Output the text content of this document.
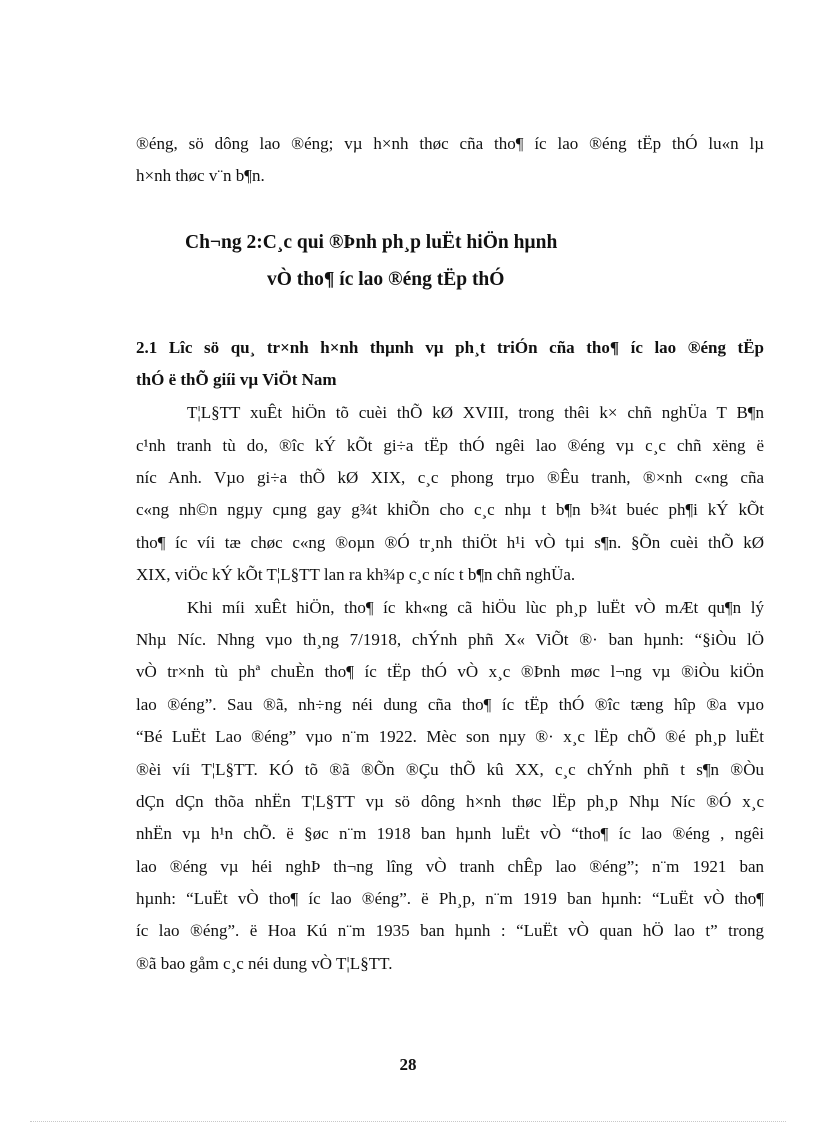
®éng, sö dông lao ®éng; vµ h×nh thøc cña tho¶ íc lao ®éng tËp thÓ lu«n lµ
h×nh thøc v¨n b¶n.
Ch¬ng 2:C¸c qui ®Þnh ph¸p luËt hiÖn hµnh
vÒ tho¶ íc lao ®éng tËp thÓ
2.1 Lîc sö qu¸ tr×nh h×nh thµnh vµ ph¸t triÓn cña tho¶ íc lao ®éng tËp
thÓ ë thÕ giíi vµ ViÖt Nam
T¦L§TT xuÊt hiÖn tõ cuèi thÕ kØ XVIII, trong thêi k× chñ nghÜa T B¶n
c¹nh tranh tù do, ®îc kÝ kÕt gi÷a tËp thÓ ngêi lao ®éng vµ c¸c chñ xëng ë
níc Anh. Vµo gi÷a thÕ kØ XIX, c¸c phong trµo ®Êu tranh, ®×nh c«ng cña
c«ng nh©n ngµy cµng gay g¾t khiÕn cho c¸c nhµ t b¶n b¾t buéc ph¶i kÝ kÕt
tho¶ íc víi tæ chøc c«ng ®oµn ®Ó tr¸nh thiÖt h¹i vÒ tµi s¶n. §Õn cuèi thÕ kØ
XIX, viÖc kÝ kÕt T¦L§TT lan ra kh¾p c¸c níc t b¶n chñ nghÜa.
Khi míi xuÊt hiÖn, tho¶ íc kh«ng cã hiÖu lùc ph¸p luËt vÒ mÆt qu¶n lý
Nhµ Níc. Nhng vµo th¸ng 7/1918, chÝnh phñ X« ViÕt ®· ban hµnh: “§iÒu lÖ
vÒ tr×nh tù phª chuÈn tho¶ íc tËp thÓ vÒ x¸c ®Þnh møc l¬ng vµ ®iÒu kiÖn
lao ®éng”. Sau ®ã, nh÷ng néi dung cña tho¶ íc tËp thÓ ®îc tæng hîp ®a vµo
“Bé LuËt Lao ®éng” vµo n¨m 1922. Mèc son nµy ®· x¸c lËp chÕ ®é ph¸p luËt
®èi víi T¦L§TT. KÓ tõ ®ã ®Õn ®Çu thÕ kû XX, c¸c chÝnh phñ t s¶n ®Òu
dÇn dÇn thõa nhËn T¦L§TT vµ sö dông h×nh thøc lËp ph¸p Nhµ Níc ®Ó x¸c
nhËn vµ h¹n chÕ. ë §øc n¨m 1918 ban hµnh luËt vÒ “tho¶ íc lao ®éng , ngêi
lao ®éng vµ héi nghÞ th¬ng lîng vÒ tranh chÊp lao ®éng”; n¨m 1921 ban
hµnh: “LuËt vÒ tho¶ íc lao ®éng”. ë Ph¸p, n¨m 1919 ban hµnh: “LuËt vÒ tho¶
íc lao ®éng”. ë Hoa Kú n¨m 1935 ban hµnh : “LuËt vÒ quan hÖ lao t” trong
®ã bao gåm c¸c néi dung vÒ T¦L§TT.
28
